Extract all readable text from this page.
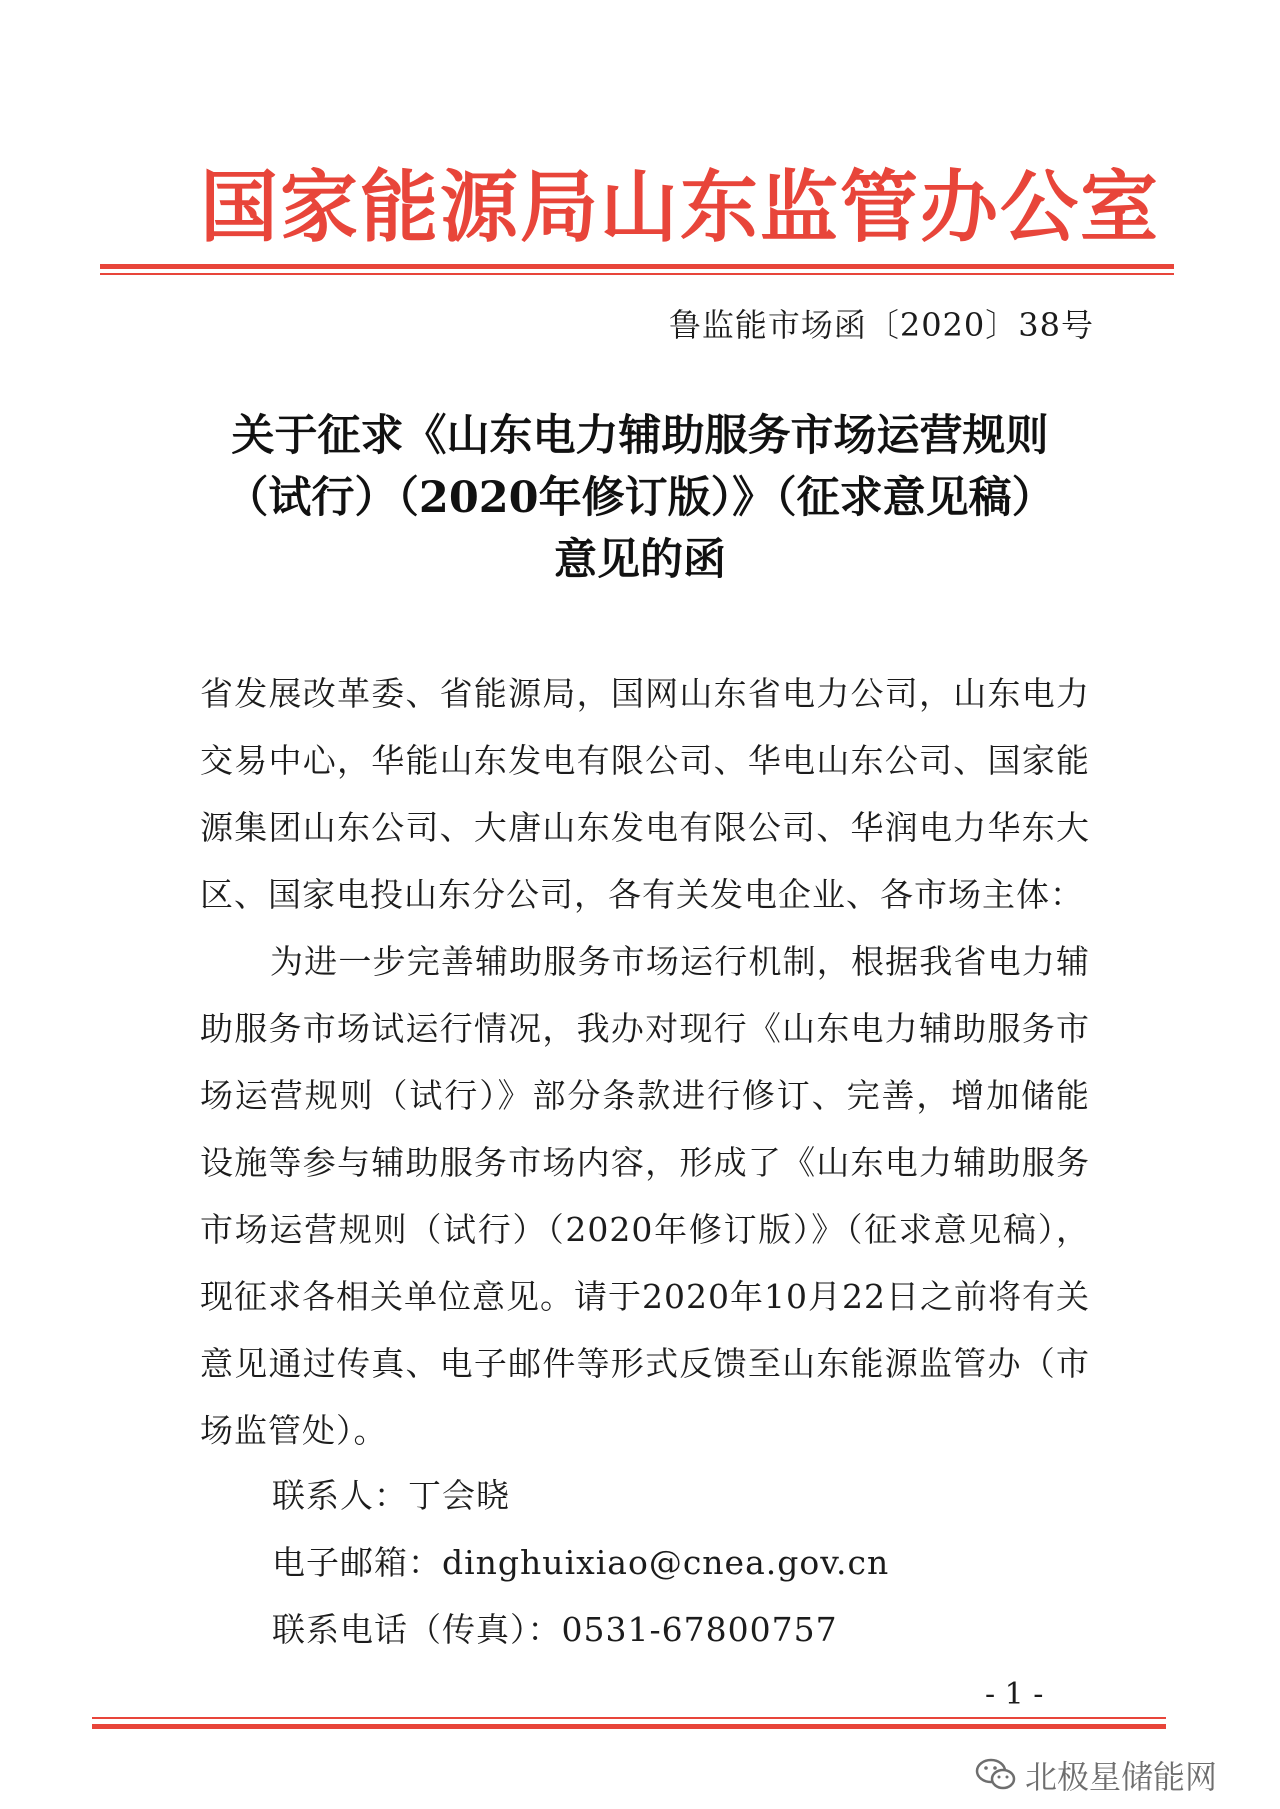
国家能源局山东监管办公室
鲁监能市场函〔2020〕38号
关于征求《山东电力辅助服务市场运营规则
（试行）（2020年修订版）》（征求意见稿）
意见的函

省发展改革委、省能源局，国网山东省电力公司，山东电力交易中心，华能山东发电有限公司、华电山东公司、国家能源集团山东公司、大唐山东发电有限公司、华润电力华东大区、国家电投山东分公司，各有关发电企业、各市场主体：

为进一步完善辅助服务市场运行机制，根据我省电力辅助服务市场试运行情况，我办对现行《山东电力辅助服务市场运营规则（试行）》部分条款进行修订、完善，增加储能设施等参与辅助服务市场内容，形成了《山东电力辅助服务市场运营规则（试行）（2020年修订版）》（征求意见稿），现征求各相关单位意见。请于2020年10月22日之前将有关意见通过传真、电子邮件等形式反馈至山东能源监管办（市场监管处）。

联系人：丁会晓
电子邮箱：dinghuixiao@cnea.gov.cn
联系电话（传真）：0531-67800757
- 1 -
北极星储能网
